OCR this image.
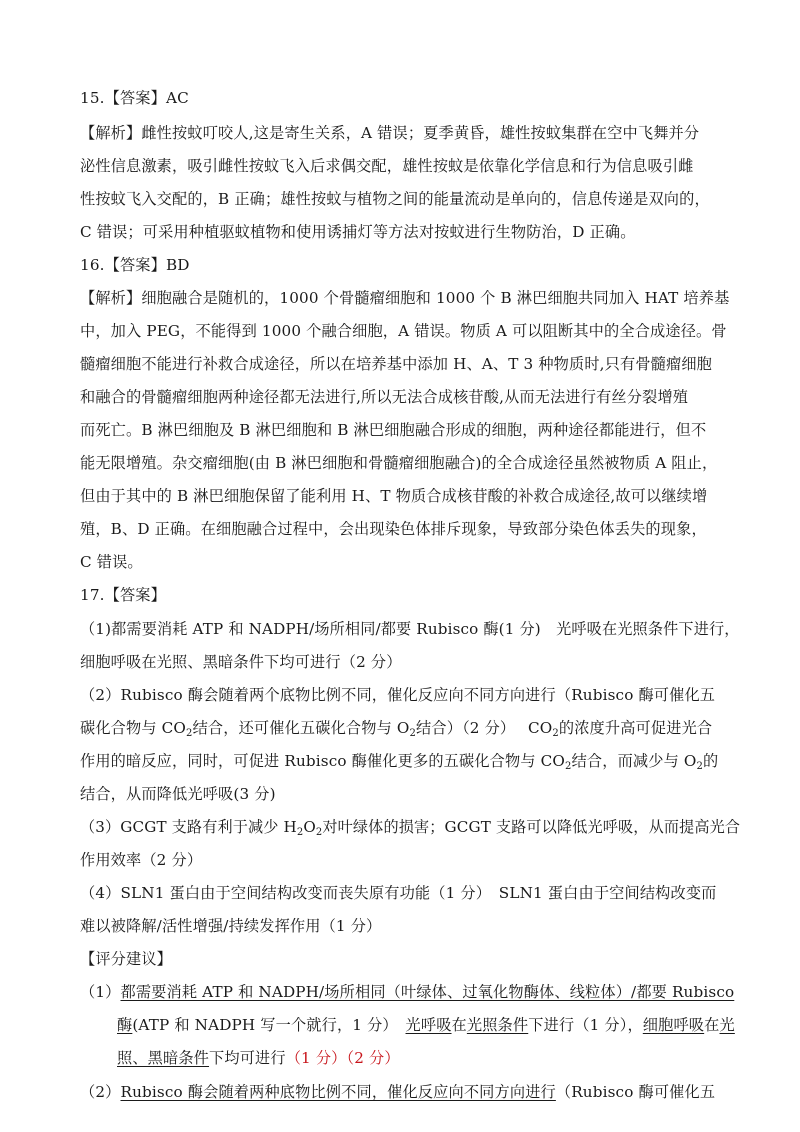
15.【答案】AC
【解析】雌性按蚊叮咬人,这是寄生关系，A 错误；夏季黄昏，雄性按蚊集群在空中飞舞并分
泌性信息激素，吸引雌性按蚊飞入后求偶交配，雄性按蚊是依靠化学信息和行为信息吸引雌
性按蚊飞入交配的，B 正确；雄性按蚊与植物之间的能量流动是单向的，信息传递是双向的，
C 错误；可采用种植驱蚊植物和使用诱捕灯等方法对按蚊进行生物防治，D 正确。
16.【答案】BD
【解析】细胞融合是随机的，1000 个骨髓瘤细胞和 1000 个 B 淋巴细胞共同加入 HAT 培养基
中，加入 PEG，不能得到 1000 个融合细胞，A 错误。物质 A 可以阻断其中的全合成途径。骨
髓瘤细胞不能进行补救合成途径，所以在培养基中添加 H、A、T 3 种物质时,只有骨髓瘤细胞
和融合的骨髓瘤细胞两种途径都无法进行,所以无法合成核苷酸,从而无法进行有丝分裂增殖
而死亡。B 淋巴细胞及 B 淋巴细胞和 B 淋巴细胞融合形成的细胞，两种途径都能进行，但不
能无限增殖。杂交瘤细胞(由 B 淋巴细胞和骨髓瘤细胞融合)的全合成途径虽然被物质 A 阻止，
但由于其中的 B 淋巴细胞保留了能利用 H、T 物质合成核苷酸的补救合成途径,故可以继续增
殖，B、D 正确。在细胞融合过程中，会出现染色体排斥现象，导致部分染色体丢失的现象，
C 错误。
17.【答案】
（1)都需要消耗 ATP 和 NADPH/场所相同/都要 Rubisco 酶(1 分)　光呼吸在光照条件下进行，
细胞呼吸在光照、黑暗条件下均可进行（2 分）
（2）Rubisco 酶会随着两个底物比例不同，催化反应向不同方向进行（Rubisco 酶可催化五
碳化合物与 $CO_2$结合，还可催化五碳化合物与 $O_2$结合）（2 分）　 $CO_2$的浓度升高可促进光合
作用的暗反应，同时，可促进 Rubisco 酶催化更多的五碳化合物与 $CO_2$结合，而减少与 $O_2$的
结合，从而降低光呼吸(3 分)
（3）GCGT 支路有利于减少 $H_2O_2$对叶绿体的损害；GCGT 支路可以降低光呼吸，从而提高光合
作用效率（2 分）
（4）SLN1 蛋白由于空间结构改变而丧失原有功能（1 分）　SLN1 蛋白由于空间结构改变而
难以被降解/活性增强/持续发挥作用（1 分）
【评分建议】
（1）都需要消耗 ATP 和 NADPH/场所相同（叶绿体、过氧化物酶体、线粒体）/都要 Rubisco
酶(ATP 和 NADPH 写一个就行，1 分）　 光呼吸在光照条件下进行（1 分），细胞呼吸在光
照、黑暗条件下均可进行（1 分）（2 分）
（2）Rubisco 酶会随着两种底物比例不同，催化反应向不同方向进行（Rubisco 酶可催化五
